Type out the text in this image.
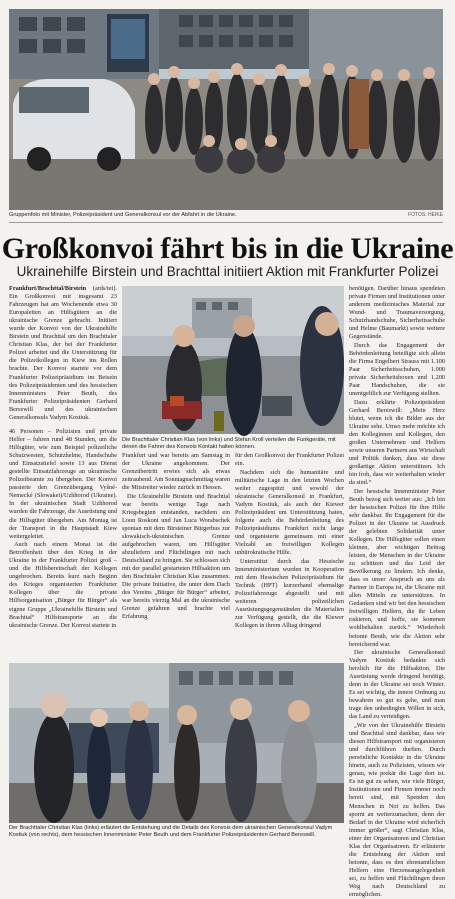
Gruppenfoto mit Minister, Polizeipräsident und Generalkonsul vor der Abfahrt in die Ukraine.	FOTOS: HEIKE
Großkonvoi fährt bis in die Ukraine
Ukrainehilfe Birstein und Brachttal initiiert Aktion mit Frankfurter Polizei

Frankfurt/Brachttal/Birstein (ards/tei). Ein Großkonvoi mit insgesamt 23 Fahrzeugen hat am Wochenende etwa 30 Europaletten an Hilfsgütern an die ukrainische Grenze gebracht. Initiiert wurde der Konvoi von der Ukrainehilfe Birstein und Brachttal um den Brachttaler Christian Klas, der bei der Frankfurter Polizei arbeitet und die Unterstützung für die Polizeikollegen in Kiew ins Rollen brachte. Der Konvoi startete vor dem Frankfurter Polizeipräsidium im Beisein des Polizeipräsidenten und des hessischen Innenministers Peter Beuth, des Frankfurter Polizeipräsidenten Gerhard Bereswill und des ukrainischen Generalkonsuls Vadym Kostiuk.

46 Personen – Polizisten und private Helfer – fuhren rund 48 Stunden, um die Hilfsgüter, wie zum Beispiel polizeiliche Schutzwesten, Schutzhelme, Handschuhe und Einsatzstiefel sowie 13 aus Dienst gestellte Einsatzfahrzeuge an ukrainische Polizeibeamte zu übergeben. Der Konvoi passierte den Grenzübergang Vyšné-Nemecké (Slowakei)/Uzhhorod (Ukraine). In der ukrainischen Stadt Uzhhorod wurden die Fahrzeuge, die Ausrüstung und die Hilfsgüter übergeben. Am Montag ist der Transport in die Hauptstadt Kiew weitergeleitet.

Auch nach einem Monat ist die Betroffenheit über den Krieg in der Ukraine in der Frankfurter Polizei groß – und die Hilfsbereitschaft der Kollegen ungebrochen. Bereits kurz nach Beginn des Krieges organisierten Frankfurter Kollegen über die private Hilfsorganisation „Bürger für Bürger“ als eigene Gruppe „Ukrainehilfe Birstein und Brachttal“ Hilfstransporte an die ukrainische Grenze. Der Konvoi startete in

Die Brachttaler Christian Klas (von links) und Stefan Kroll verteilen die Funkgeräte, mit denen die Fahrer des Konvois Kontakt halten können.

Frankfurt und war bereits am Samstag in der Ukraine angekommen. Der Grenzübertritt erwies sich als etwas zeitraubend. Am Sonntagnachmittag waren die Mitstreiter wieder zurück in Hessen.

Die Ukrainehilfe Birstein und Brachttal war bereits wenige Tage nach Kriegsbeginn entstanden, nachdem ein Loon Roskoni und Jan Luca Worabschek spontan mit dem Birsteiner Bürgerbus zur slowakisch-ukrainischen Grenze aufgebrochen waren, um Hilfsgüter abzuliefern und Flüchtlingen mit nach Deutschland zu bringen. Sie schlossen sich mit der parallel gestarteten Hilfsaktion um den Brachttaler Christian Klas zusammen. Die private Initiative, die unter dem Dach des Vereins „Bürger für Bürger“ arbeitet, war bereits vierzig Mal an die ukrainische Grenze gefahren und brachte viel Erfahrung

für den Großkonvoi der Frankfurter Polizei ein.

Nachdem sich die humanitäre und militärische Lage in den letzten Wochen weiter zugespitzt und sowohl der ukrainische Generalkonsul in Frankfurt, Vadym Kostiuk, als auch der Kiewer Polizeipräsident um Unterstützung baten, folgerte auch die Behördenleitung des Polizeipräsidiums Frankfurt nicht lange und organisierte gemeinsam mit einer Vielzahl an freiwilligen Kollegen unbürokratische Hilfe.

Unterstützt durch das Hessische Innenministerium wurden in Kooperation mit dem Hessischen Polizeipräsidium für Technik (HPT) kurzerhand ehemalige Polizeifahrzeuge abgestellt und mit weiteren polizeilichen Ausrüstungsgegenständen die Materialien zur Verfügung gestellt, die die Kiewer Kollegen in ihrem Alltag dringend

benötigen. Darüber hinaus spendeten private Firmen und Institutionen unter anderem medizinisches Material zur Wund- und Traumaversorgung, Schutzhandschuhe, Sicherheitsschuhe und Helme (Baumarkt) sowie weitere Gegenstände.

Durch das Engagement der Behördenleitung beteiligte sich allein die Firma Engelbert Strauss mit 1.100 Paar Sicherheitsschuhen, 1.000 private Sicherheitsboxen und 1.200 Paar Handschuhen, die sie unentgeltlich zur Verfügung stellten.

Dazu erklärte Polizeipräsident Gerhard Bereswill: „Mein Herz blutet, wenn ich die Bilder aus der Ukraine sehe. Umso mehr möchte ich den Kolleginnen und Kollegen, den großen Unternehmen und Helfern sowie unseren Partnern aus Wirtschaft und Politik danken, dass sie diese großartige Aktion unterstützen. Ich bin froh, dass wir weiterhalten wieder da sind.“

Der hessische Innenminister Peter Beuth bezog sich weiter aus: „Ich bin der hessischen Polizei für ihre Hilfe sehr dankbar. Ihr Engagement für die Polizei in der Ukraine ist Ausdruck der gelebten Solidarität unter Kollegen. Die Hilfsgüter sollen einen kleinen, aber wichtigen Beitrag leisten, die Menschen in der Ukraine zu schützen und das Leid der Bevölkerung zu lindern. Ich denke, dass es unser Anspruch an uns als Partner in Europa ist, die Ukraine mit allen Mitteln zu unterstützen. In Gedanken sind wir bei den hessischen freiwilligen Helfern, die ihr Leben riskieren, und hoffe, sie kommen wohlbehalten zurück.“ Wiederholt betonte Beuth, wie die Aktion sehr bereichernd war.

Der ukrainische Generalkonsul Vadym Kostiuk bedankte sich herzlich für die Hilfsaktion. Die Ausrüstung werde dringend benötigt, denn in der Ukraine sei noch Winter. Es sei wichtig, die innere Ordnung zu bewahren so gut es gehe, und man trage den unbedingten Willen in sich, das Land zu verteidigen.

„Wir von der Ukrainehilfe Birstein und Brachttal sind dankbar, dass wir diesen Hilfstransport mit organisieren und durchführen durften. Durch persönliche Kontakte in die Ukraine hinein, auch zu Polizisten, wissen wir genau, wie prekär die Lage dort ist. Es tut gut zu sehen, wie viele Bürger, Institutionen und Firmen immer noch bereit sind, mit Spenden den Menschen in Not zu helfen. Das spornt an weiterzumachen, denn der Bedarf in der Ukraine wird sicherlich immer größer“, sagt Christian Klas, einer der Organisatoren und Christian Klas der Organisatoren. Er erläuterte die Entstehung der Aktion und betonte, dass es den ehrenamtlichen Helfern eine Herzensangelegenheit sei, zu helfen und Flüchtlingen ihren Weg nach Deutschland zu ermöglichen.

Der Brachttaler Christian Klas (links) erläutert die Entstehung und die Details des Konvois dem ukrainischen Generalkonsul Vadym Kostiuk (von rechts), dem hessischen Innenminister Peter Beuth und dem Frankfurter Polizeipräsidenten Gerhard Bereswill.
